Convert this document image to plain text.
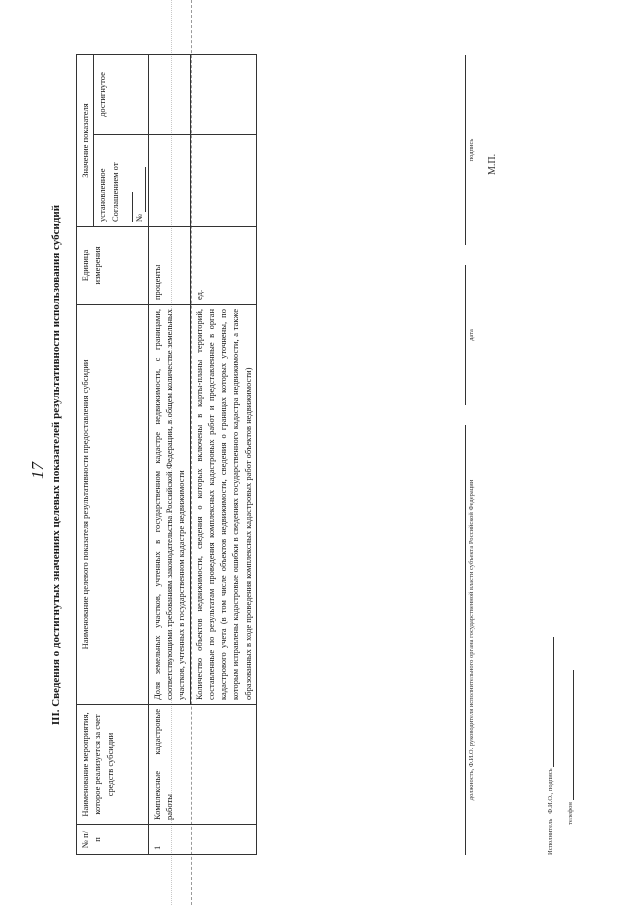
17 III. Сведения о достигнутых значениях целевых показателей результативности использования субсидий
№ п/п	Наименование мероприятия, которое реализуется за счет средств субсидии	Наименование целевого показателя результативности предоставления субсидии	Единица измерения	Значение показателя	
				установленное Соглашением от №	достигнутое
1	Комплексные кадастровые работы	Доля земельных участков, учтенных в государственном кадастре недвижимости, с границами, соответствующими требованиям законодательства Российской Федерации, в общем количестве земельных участков, учтенных в государственном кадастре недвижимости	проценты		
		Количество объектов недвижимости, сведения о которых включены в карты-планы территорий, составленные по результатам проведения комплексных кадастровых работ и представленные в орган кадастрового учета (в том числе объектов недвижимости, сведения о границах которых уточнены, по которым исправлены кадастровые ошибки в сведениях государственного кадастра недвижимости, а также образованных в ходе проведения комплексных кадастровых работ объектов недвижимости)	ед.		
должность, Ф.И.О. руководителя исполнительного органа государственной власти субъекта Российской Федерации
дата
подпись
М.П.
Исполнитель   Ф.И.О., подпись	телефон
